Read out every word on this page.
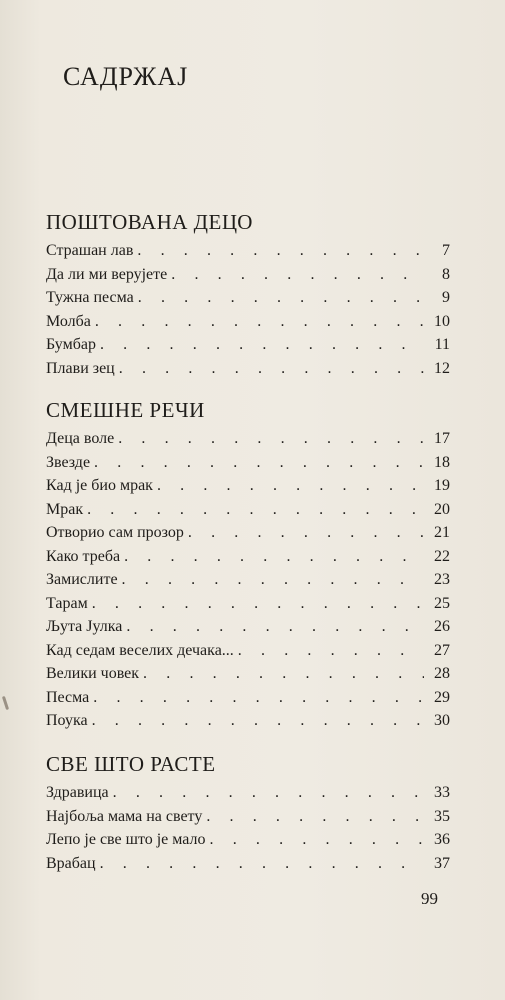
САДРЖАЈ
ПОШТОВАНА ДЕЦО
Страшан лав . . .	7
Да ли ми верујете . . .	8
Тужна песма . . .	9
Молба . . .	10
Бумбар . . .	11
Плави зец . . .	12
СМЕШНЕ РЕЧИ
Деца воле . . .	17
Звезде . . .	18
Кад је био мрак . . .	19
Мрак . . .	20
Отворио сам прозор . . .	21
Како треба . . .	22
Замислите . . .	23
Тарам . . .	25
Љута Јулка . . .	26
Кад седам веселих дечака... . . .	27
Велики човек . . .	28
Песма . . .	29
Поука . . .	30
СВЕ ШТО РАСТЕ
Здравица . . .	33
Најбоља мама на свету . . .	35
Лепо је све што је мало . . .	36
Врабац . . .	37
99
